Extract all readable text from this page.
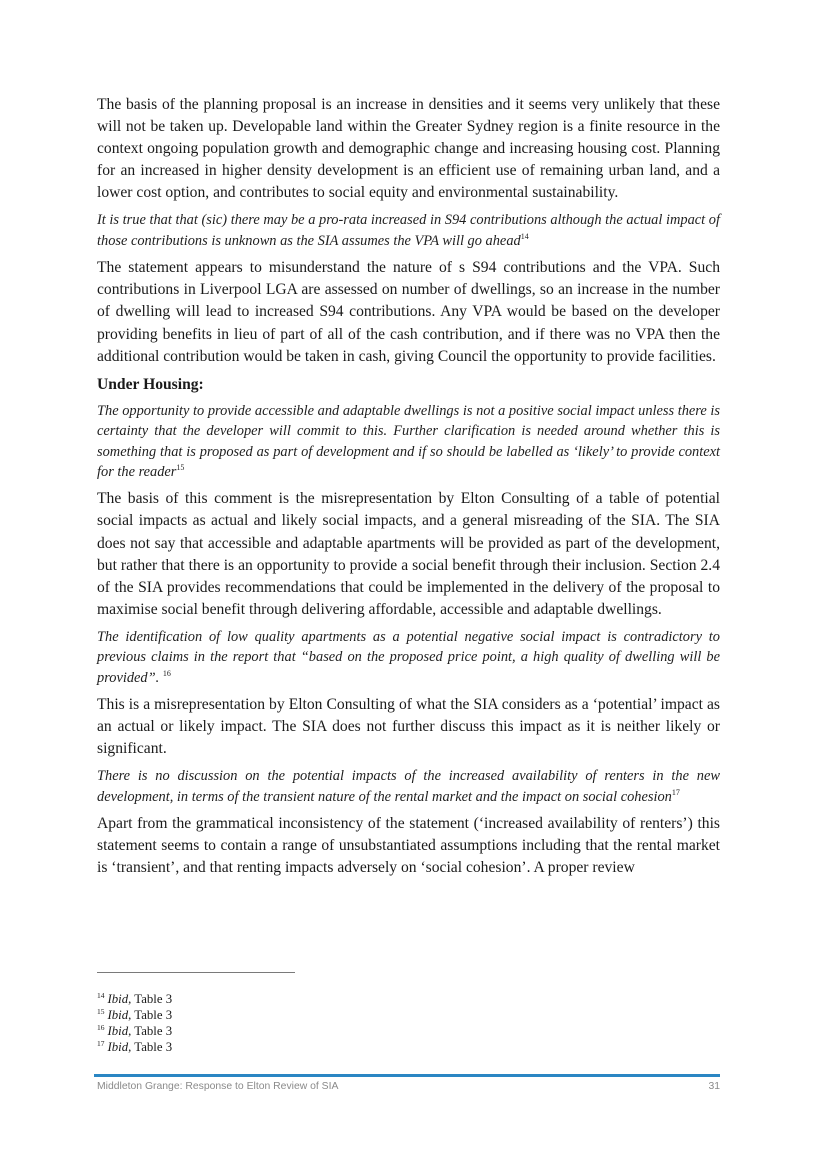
The basis of the planning proposal is an increase in densities and it seems very unlikely that these will not be taken up. Developable land within the Greater Sydney region is a finite resource in the context ongoing population growth and demographic change and increasing housing cost. Planning for an increased in higher density development is an efficient use of remaining urban land, and a lower cost option, and contributes to social equity and environmental sustainability.

It is true that that (sic) there may be a pro-rata increased in S94 contributions although the actual impact of those contributions is unknown as the SIA assumes the VPA will go ahead$^{14}$

The statement appears to misunderstand the nature of s S94 contributions and the VPA. Such contributions in Liverpool LGA are assessed on number of dwellings, so an increase in the number of dwelling will lead to increased S94 contributions. Any VPA would be based on the developer providing benefits in lieu of part of all of the cash contribution, and if there was no VPA then the additional contribution would be taken in cash, giving Council the opportunity to provide facilities.

Under Housing:

The opportunity to provide accessible and adaptable dwellings is not a positive social impact unless there is certainty that the developer will commit to this. Further clarification is needed around whether this is something that is proposed as part of development and if so should be labelled as ‘likely’ to provide context for the reader$^{15}$

The basis of this comment is the misrepresentation by Elton Consulting of a table of potential social impacts as actual and likely social impacts, and a general misreading of the SIA. The SIA does not say that accessible and adaptable apartments will be provided as part of the development, but rather that there is an opportunity to provide a social benefit through their inclusion. Section 2.4 of the SIA provides recommendations that could be implemented in the delivery of the proposal to maximise social benefit through delivering affordable, accessible and adaptable dwellings.

The identification of low quality apartments as a potential negative social impact is contradictory to previous claims in the report that “based on the proposed price point, a high quality of dwelling will be provided”. $^{16}$

This is a misrepresentation by Elton Consulting of what the SIA considers as a ‘potential’ impact as an actual or likely impact. The SIA does not further discuss this impact as it is neither likely or significant.

There is no discussion on the potential impacts of the increased availability of renters in the new development, in terms of the transient nature of the rental market and the impact on social cohesion$^{17}$

Apart from the grammatical inconsistency of the statement (‘increased availability of renters’) this statement seems to contain a range of unsubstantiated assumptions including that the rental market is ‘transient’, and that renting impacts adversely on ‘social cohesion’. A proper review

$^{14}$ Ibid, Table 3
$^{15}$ Ibid, Table 3
$^{16}$ Ibid, Table 3
$^{17}$ Ibid, Table 3
Middleton Grange: Response to Elton Review of SIA	31
